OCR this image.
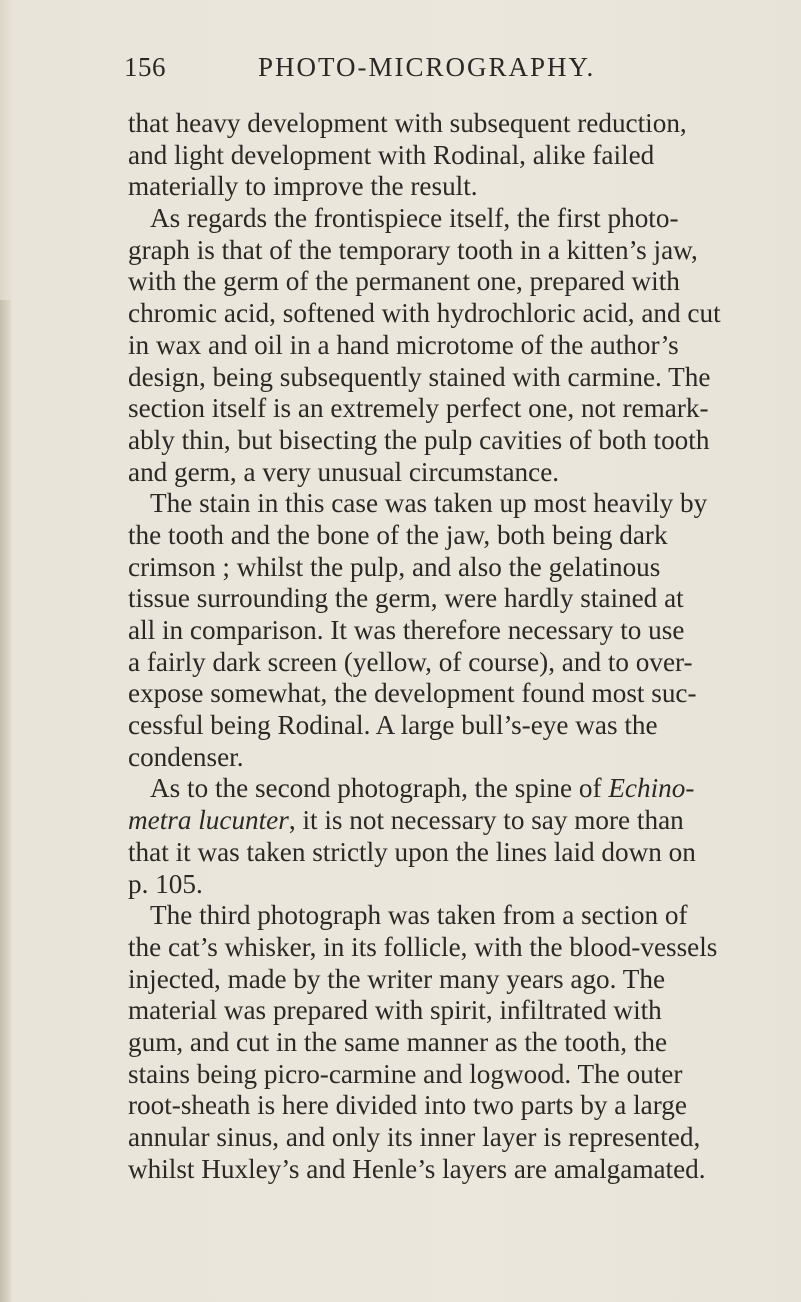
156	PHOTO-MICROGRAPHY.
that heavy development with subsequent reduction,
and light development with Rodinal, alike failed
materially to improve the result.
As regards the frontispiece itself, the first photo-
graph is that of the temporary tooth in a kitten’s jaw,
with the germ of the permanent one, prepared with
chromic acid, softened with hydrochloric acid, and cut
in wax and oil in a hand microtome of the author’s
design, being subsequently stained with carmine. The
section itself is an extremely perfect one, not remark-
ably thin, but bisecting the pulp cavities of both tooth
and germ, a very unusual circumstance.
The stain in this case was taken up most heavily by
the tooth and the bone of the jaw, both being dark
crimson ; whilst the pulp, and also the gelatinous
tissue surrounding the germ, were hardly stained at
all in comparison. It was therefore necessary to use
a fairly dark screen (yellow, of course), and to over-
expose somewhat, the development found most suc-
cessful being Rodinal. A large bull’s-eye was the
condenser.
As to the second photograph, the spine of Echino-
metra lucunter, it is not necessary to say more than
that it was taken strictly upon the lines laid down on
p. 105.
The third photograph was taken from a section of
the cat’s whisker, in its follicle, with the blood-vessels
injected, made by the writer many years ago. The
material was prepared with spirit, infiltrated with
gum, and cut in the same manner as the tooth, the
stains being picro-carmine and logwood. The outer
root-sheath is here divided into two parts by a large
annular sinus, and only its inner layer is represented,
whilst Huxley’s and Henle’s layers are amalgamated.
